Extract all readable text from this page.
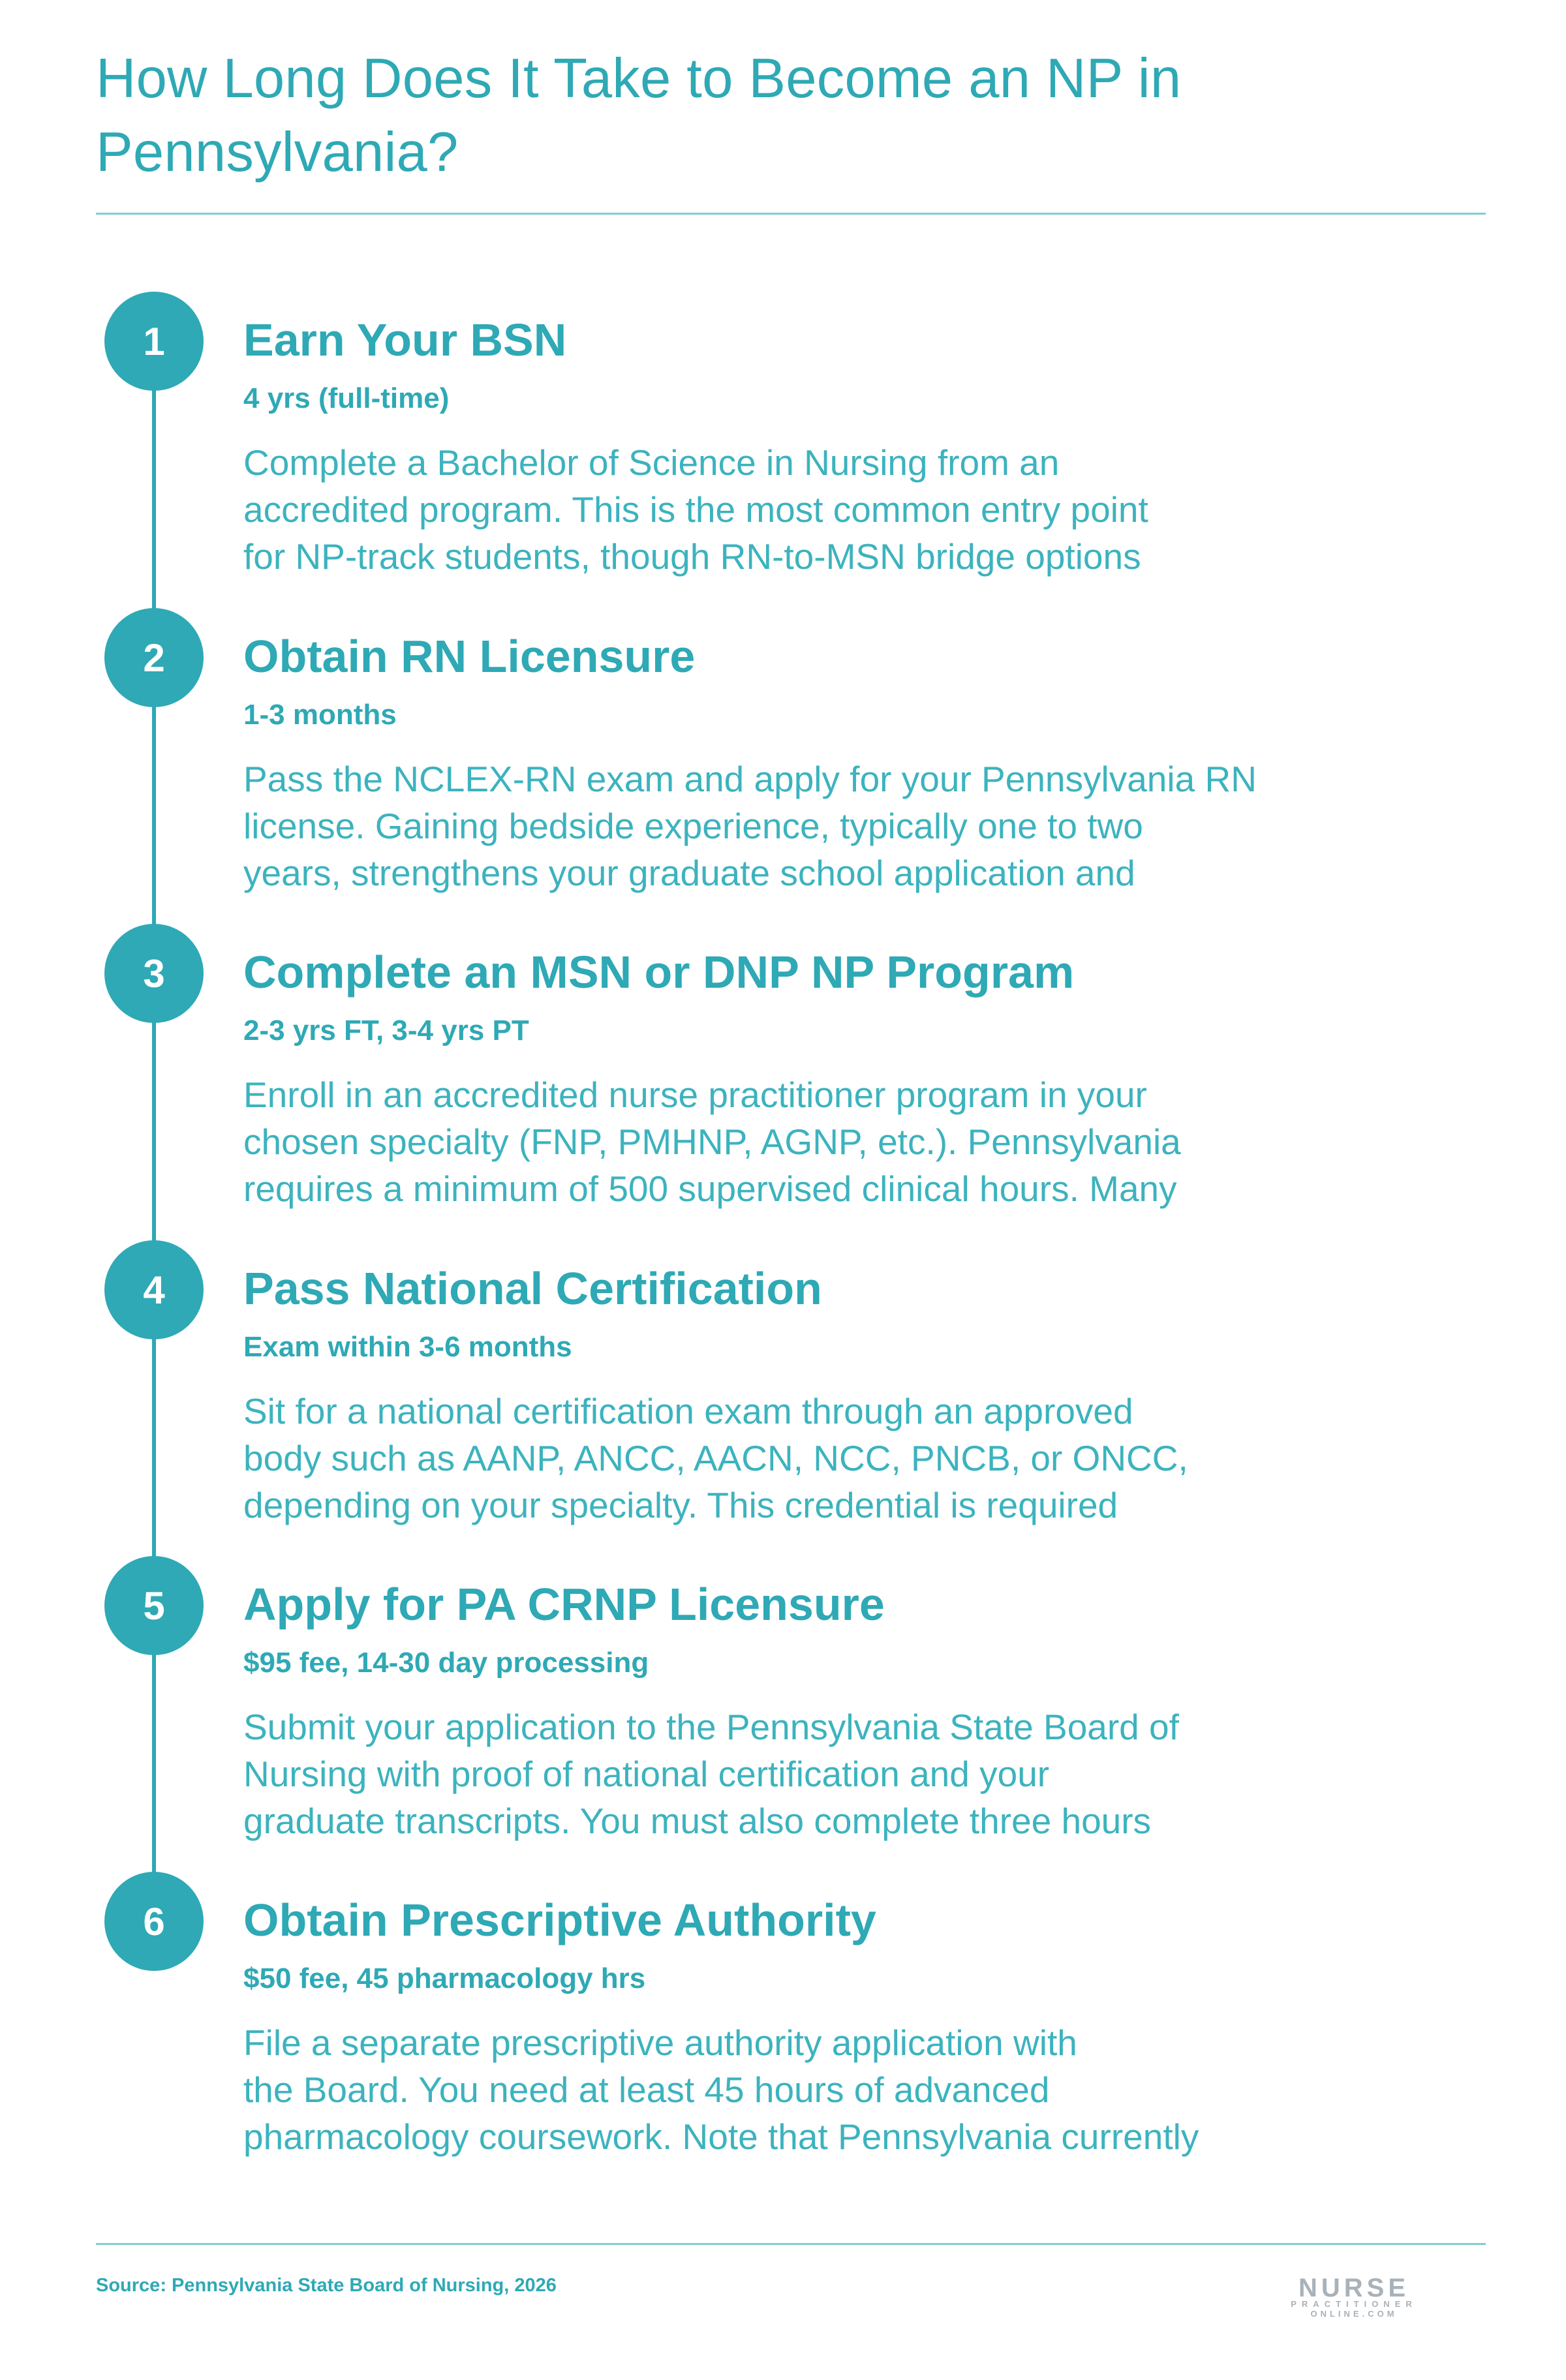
How Long Does It Take to Become an NP in
Pennsylvania?
1	Earn Your BSN
4 yrs (full-time)

Complete a Bachelor of Science in Nursing from an
accredited program. This is the most common entry point
for NP-track students, though RN-to-MSN bridge options

2	Obtain RN Licensure
1-3 months

Pass the NCLEX-RN exam and apply for your Pennsylvania RN
license. Gaining bedside experience, typically one to two
years, strengthens your graduate school application and

3	Complete an MSN or DNP NP Program
2-3 yrs FT, 3-4 yrs PT

Enroll in an accredited nurse practitioner program in your
chosen specialty (FNP, PMHNP, AGNP, etc.). Pennsylvania
requires a minimum of 500 supervised clinical hours. Many

4	Pass National Certification
Exam within 3-6 months

Sit for a national certification exam through an approved
body such as AANP, ANCC, AACN, NCC, PNCB, or ONCC,
depending on your specialty. This credential is required

5	Apply for PA CRNP Licensure
$95 fee, 14-30 day processing

Submit your application to the Pennsylvania State Board of
Nursing with proof of national certification and your
graduate transcripts. You must also complete three hours

6	Obtain Prescriptive Authority
$50 fee, 45 pharmacology hrs

File a separate prescriptive authority application with
the Board. You need at least 45 hours of advanced
pharmacology coursework. Note that Pennsylvania currently

Source: Pennsylvania State Board of Nursing, 2026	NURSE
PRACTITIONER
ONLINE.COM
